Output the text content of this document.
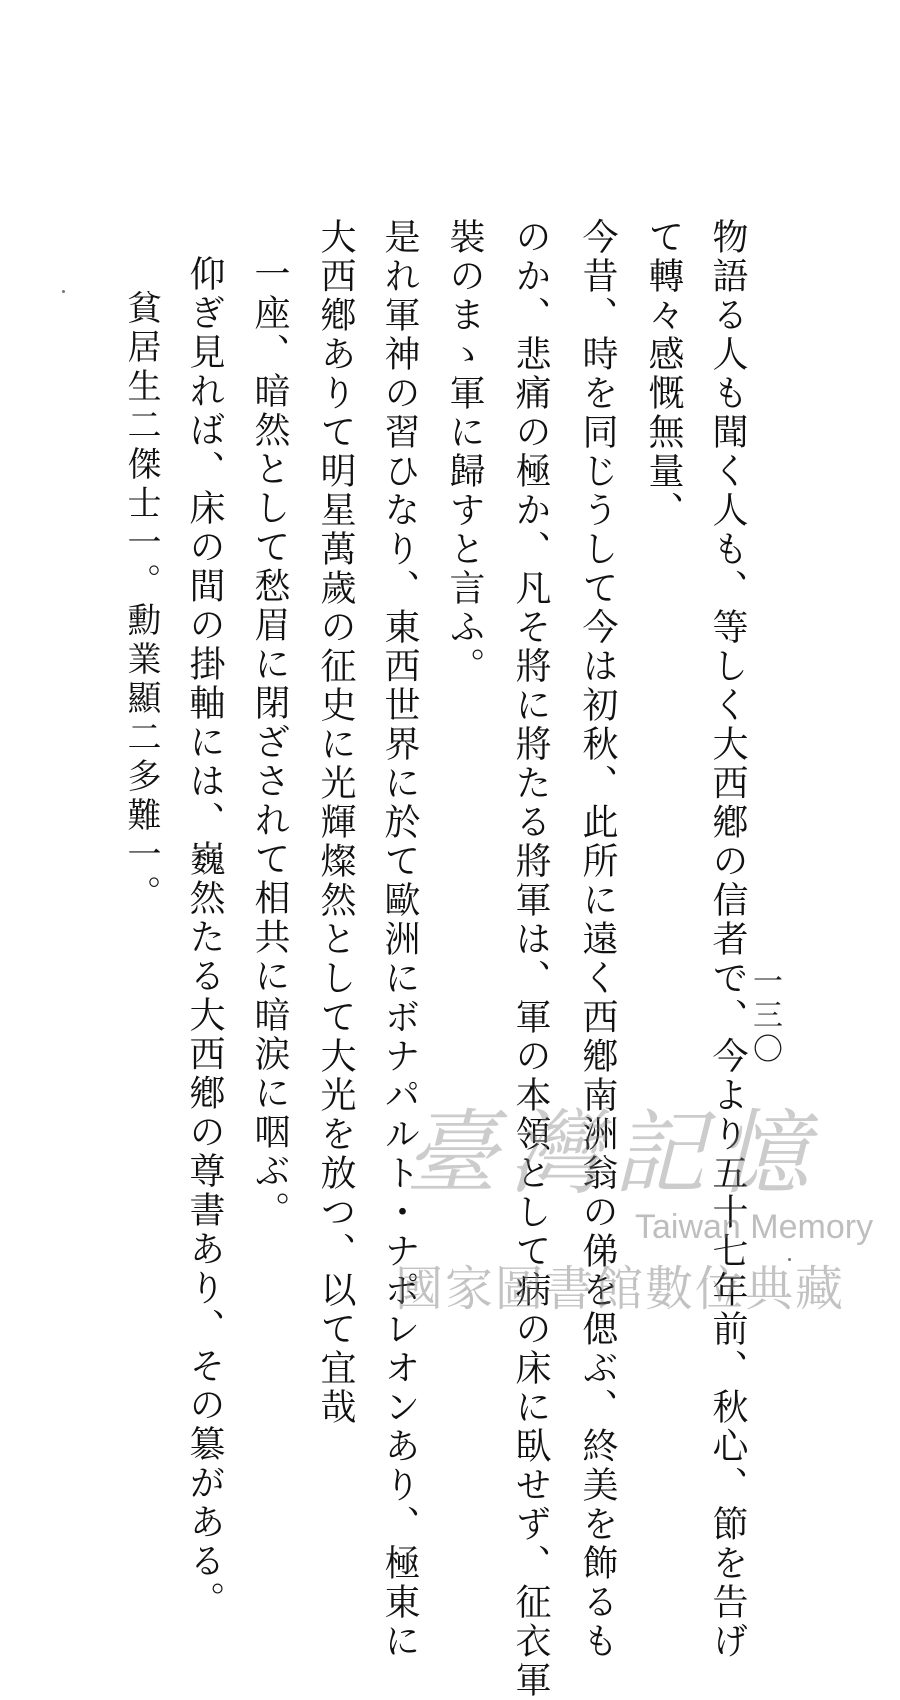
一三〇
物語る人も聞く人も、等しく大西鄕の信者で、今より五十七年前、秋心、節を告げ
て轉々感慨無量、
今昔、時を同じうして今は初秋、此所に遠く西鄕南洲翁の俤を偲ぶ、終美を飾るも
のか、悲痛の極か、凡そ將に將たる將軍は、軍の本領として病の床に臥せず、征衣軍
裝のまゝ軍に歸すと言ふ。
是れ軍神の習ひなり、東西世界に於て歐洲にボナパルト・ナポレオンあり、極東に
大西鄕ありて明星萬歲の征史に光輝燦然として大光を放つ、以て宜哉
一座、暗然として愁眉に閉ざされて相共に暗涙に咽ぶ。
仰ぎ見れば、床の間の掛軸には、巍然たる大西鄕の尊書あり、その簒がある。
貧居生二傑士一。勳業顯二多難一。
臺灣記憶
Taiwan Memory
國家圖書館數位典藏
